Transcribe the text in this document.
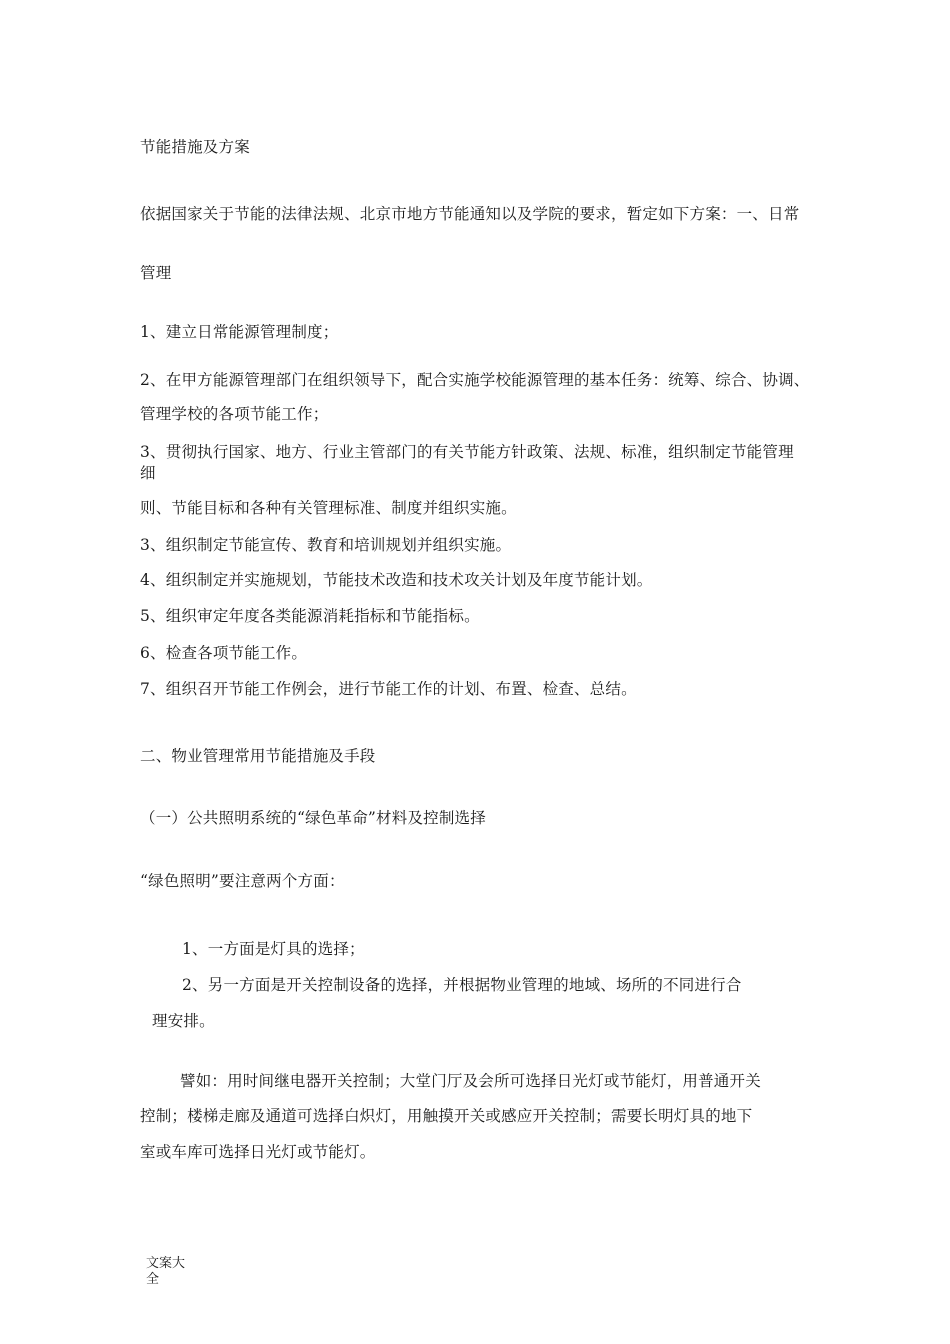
节能措施及方案
依据国家关于节能的法律法规、北京市地方节能通知以及学院的要求，暂定如下方案：一、日常
管理
1、建立日常能源管理制度；
2、在甲方能源管理部门在组织领导下，配合实施学校能源管理的基本任务：统筹、综合、协调、
管理学校的各项节能工作；
3、贯彻执行国家、地方、行业主管部门的有关节能方针政策、法规、标准，组织制定节能管理
细
则、节能目标和各种有关管理标准、制度并组织实施。
3、组织制定节能宣传、教育和培训规划并组织实施。
4、组织制定并实施规划，节能技术改造和技术攻关计划及年度节能计划。
5、组织审定年度各类能源消耗指标和节能指标。
6、检查各项节能工作。
7、组织召开节能工作例会，进行节能工作的计划、布置、检查、总结。
二、物业管理常用节能措施及手段
（一）公共照明系统的“绿色革命”材料及控制选择
“绿色照明”要注意两个方面：
1、一方面是灯具的选择；
2、另一方面是开关控制设备的选择，并根据物业管理的地域、场所的不同进行合
理安排。
譬如：用时间继电器开关控制；大堂门厅及会所可选择日光灯或节能灯，用普通开关
控制；楼梯走廊及通道可选择白炽灯，用触摸开关或感应开关控制；需要长明灯具的地下
室或车库可选择日光灯或节能灯。
文案大全
